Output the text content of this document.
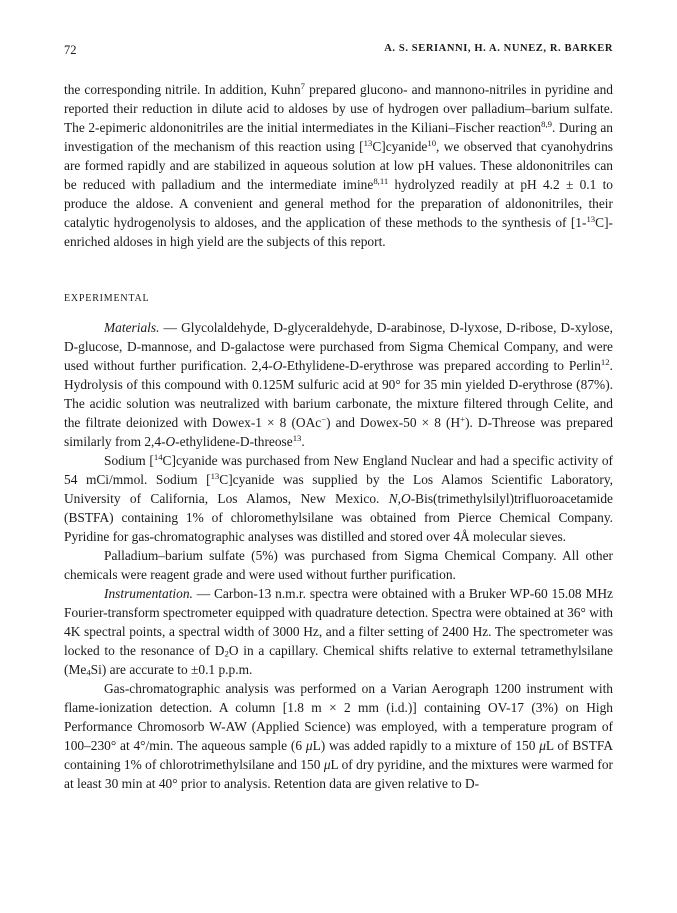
72	A. S. SERIANNI, H. A. NUNEZ, R. BARKER

the corresponding nitrile. In addition, Kuhn$^7$ prepared glucono- and mannono-nitriles in pyridine and reported their reduction in dilute acid to aldoses by use of hydrogen over palladium–barium sulfate. The 2-epimeric aldononitriles are the initial intermediates in the Kiliani–Fischer reaction$^{8,9}$. During an investigation of the mechanism of this reaction using [$^{13}$C]cyanide$^{10}$, we observed that cyanohydrins are formed rapidly and are stabilized in aqueous solution at low pH values. These aldononitriles can be reduced with palladium and the intermediate imine$^{8,11}$ hydrolyzed readily at pH 4.2 ± 0.1 to produce the aldose. A convenient and general method for the preparation of aldononitriles, their catalytic hydrogenolysis to aldoses, and the application of these methods to the synthesis of [1-$^{13}$C]-enriched aldoses in high yield are the subjects of this report.

EXPERIMENTAL

Materials. — Glycolaldehyde, D-glyceraldehyde, D-arabinose, D-lyxose, D-ribose, D-xylose, D-glucose, D-mannose, and D-galactose were purchased from Sigma Chemical Company, and were used without further purification. 2,4-O-Ethylidene-D-erythrose was prepared according to Perlin$^{12}$. Hydrolysis of this compound with 0.125M sulfuric acid at 90° for 35 min yielded D-erythrose (87%). The acidic solution was neutralized with barium carbonate, the mixture filtered through Celite, and the filtrate deionized with Dowex-1 × 8 (OAc−) and Dowex-50 × 8 (H+). D-Threose was prepared similarly from 2,4-O-ethylidene-D-threose$^{13}$.

Sodium [$^{14}$C]cyanide was purchased from New England Nuclear and had a specific activity of 54 mCi/mmol. Sodium [$^{13}$C]cyanide was supplied by the Los Alamos Scientific Laboratory, University of California, Los Alamos, New Mexico. N,O-Bis(trimethylsilyl)trifluoroacetamide (BSTFA) containing 1% of chloromethylsilane was obtained from Pierce Chemical Company. Pyridine for gas-chromatographic analyses was distilled and stored over 4Å molecular sieves.

Palladium–barium sulfate (5%) was purchased from Sigma Chemical Company. All other chemicals were reagent grade and were used without further purification.

Instrumentation. — Carbon-13 n.m.r. spectra were obtained with a Bruker WP-60 15.08 MHz Fourier-transform spectrometer equipped with quadrature detection. Spectra were obtained at 36° with 4K spectral points, a spectral width of 3000 Hz, and a filter setting of 2400 Hz. The spectrometer was locked to the resonance of $D_2O$ in a capillary. Chemical shifts relative to external tetramethylsilane $(Me_4Si)$ are accurate to ±0.1 p.p.m.

Gas-chromatographic analysis was performed on a Varian Aerograph 1200 instrument with flame-ionization detection. A column [1.8 m × 2 mm (i.d.)] containing OV-17 (3%) on High Performance Chromosorb W-AW (Applied Science) was employed, with a temperature program of 100–230° at 4°/min. The aqueous sample (6 μL) was added rapidly to a mixture of 150 μL of BSTFA containing 1% of chlorotrimethylsilane and 150 μL of dry pyridine, and the mixtures were warmed for at least 30 min at 40° prior to analysis. Retention data are given relative to D-
